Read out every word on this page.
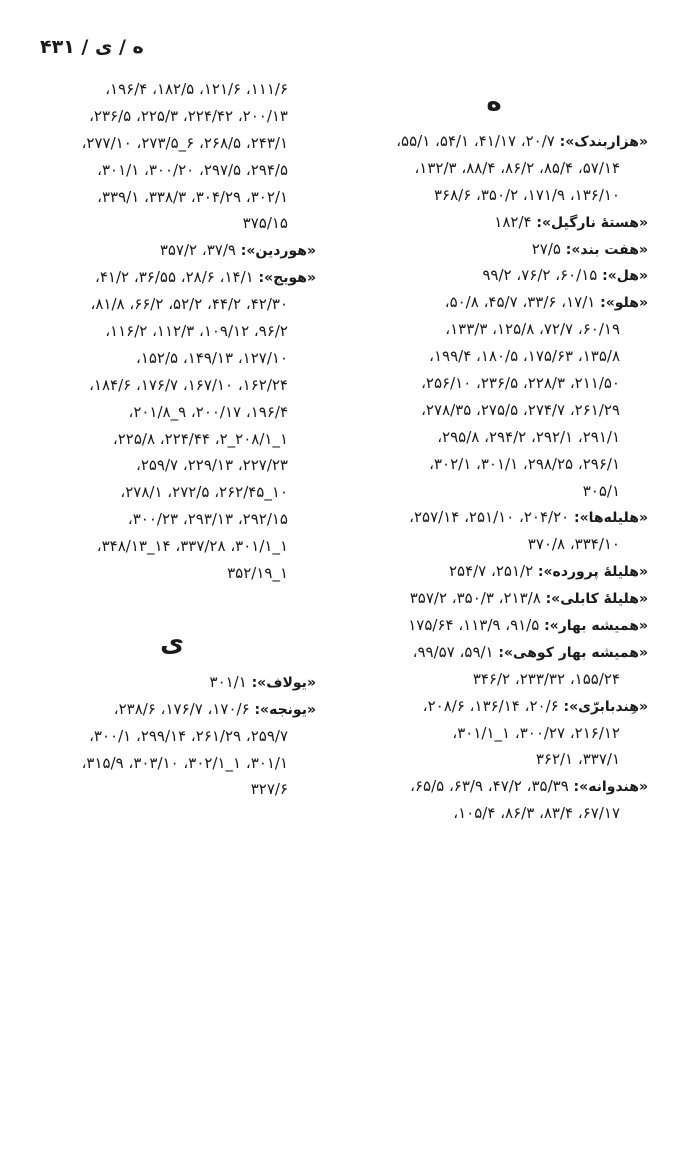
ه / ی / ۴۳۱
ه
«هزاربندک»: ۲۰/۷، ۴۱/۱۷، ۵۴/۱، ۵۵/۱،
۵۷/۱۴، ۸۵/۴، ۸۶/۲، ۸۸/۴، ۱۳۲/۳،
۱۳۶/۱۰، ۱۷۱/۹، ۳۵۰/۲، ۳۶۸/۶
«هستهٔ نارگیل»: ۱۸۲/۴
«هفت بند»: ۲۷/۵
«هل»: ۶۰/۱۵، ۷۶/۲، ۹۹/۲
«هلو»: ۱۷/۱، ۳۳/۶، ۴۵/۷، ۵۰/۸،
۶۰/۱۹، ۷۲/۷، ۱۲۵/۸، ۱۳۳/۳،
۱۳۵/۸، ۱۷۵/۶۳، ۱۸۰/۵، ۱۹۹/۴،
۲۱۱/۵۰، ۲۲۸/۳، ۲۳۶/۵، ۲۵۶/۱۰،
۲۶۱/۲۹، ۲۷۴/۷، ۲۷۵/۵، ۲۷۸/۳۵،
۲۹۱/۱، ۲۹۲/۱، ۲۹۴/۲، ۲۹۵/۸،
۲۹۶/۱، ۲۹۸/۲۵، ۳۰۱/۱، ۳۰۲/۱،
۳۰۵/۱
«هلیله‌ها»: ۲۰۴/۲۰، ۲۵۱/۱۰، ۲۵۷/۱۴،
۳۳۴/۱۰، ۳۷۰/۸
«هلیلهٔ پرورده»: ۲۵۱/۲، ۲۵۴/۷
«هلیلهٔ کابلی»: ۲۱۳/۸، ۳۵۰/۳، ۳۵۷/۲
«همیشه بهار»: ۹۱/۵، ۱۱۳/۹، ۱۷۵/۶۴
«همیشه بهار کوهی»: ۵۹/۱، ۹۹/۵۷،
۱۵۵/۲۴، ۲۳۳/۳۲، ۳۴۶/۲
«هِندبابرّی»: ۲۰/۶، ۱۳۶/۱۴، ۲۰۸/۶،
۲۱۶/۱۲، ۳۰۰/۲۷، ۱_۳۰۱/۱،
۳۳۷/۱، ۳۶۲/۱
«هندوانه»: ۳۵/۳۹، ۴۷/۲، ۶۳/۹، ۶۵/۵،
۶۷/۱۷، ۸۳/۴، ۸۶/۳، ۱۰۵/۴،
۱۱۱/۶، ۱۲۱/۶، ۱۸۲/۵، ۱۹۶/۴،
۲۰۰/۱۳، ۲۲۴/۴۲، ۲۲۵/۳، ۲۳۶/۵،
۲۴۳/۱، ۲۶۸/۵، ۶_۲۷۳/۵، ۲۷۷/۱۰،
۲۹۴/۵، ۲۹۷/۵، ۳۰۰/۲۰، ۳۰۱/۱،
۳۰۲/۱، ۳۰۴/۲۹، ۳۳۸/۳، ۳۳۹/۱،
۳۷۵/۱۵
«هوردین»: ۳۷/۹، ۳۵۷/۲
«هویج»: ۱۴/۱، ۲۸/۶، ۳۶/۵۵، ۴۱/۲،
۴۲/۳۰، ۴۴/۲، ۵۲/۲، ۶۶/۲، ۸۱/۸،
۹۶/۲، ۱۰۹/۱۲، ۱۱۲/۳، ۱۱۶/۲،
۱۲۷/۱۰، ۱۴۹/۱۳، ۱۵۲/۵،
۱۶۲/۲۴، ۱۶۷/۱۰، ۱۷۶/۷، ۱۸۴/۶،
۱۹۶/۴، ۲۰۰/۱۷، ۹_۲۰۱/۸،
۱_۲۰۸/۱_۲، ۲۲۴/۴۴، ۲۲۵/۸،
۲۲۷/۲۳، ۲۲۹/۱۳، ۲۵۹/۷،
۱۰_۲۶۲/۴۵، ۲۷۲/۵، ۲۷۸/۱،
۲۹۲/۱۵، ۲۹۳/۱۳، ۳۰۰/۲۳،
۱_۳۰۱/۱، ۳۳۷/۲۸، ۱۴_۳۴۸/۱۳،
۱_۳۵۲/۱۹
ی
«یولاف»: ۳۰۱/۱
«یونجه»: ۱۷۰/۶، ۱۷۶/۷، ۲۳۸/۶،
۲۵۹/۷، ۲۶۱/۲۹، ۲۹۹/۱۴، ۳۰۰/۱،
۳۰۱/۱، ۱_۳۰۲/۱، ۳۰۳/۱۰، ۳۱۵/۹،
۳۲۷/۶
